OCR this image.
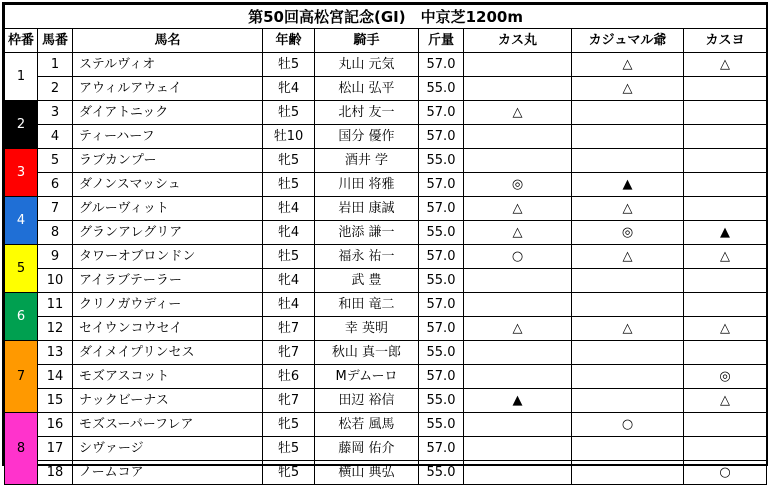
第50回高松宮記念(GI)　中京芝1200m								
枠番	馬番	馬名	年齢	騎手	斤量	カス丸	カジュマル爺	カスヨ
1	1	ステルヴィオ	牡5	丸山 元気	57.0		△	△
	2	アウィルアウェイ	牝4	松山 弘平	55.0		△	
2	3	ダイアトニック	牡5	北村 友一	57.0	△		
	4	ティーハーフ	牡10	国分 優作	57.0			
3	5	ラブカンプー	牝5	酒井 学	55.0			
	6	ダノンスマッシュ	牡5	川田 将雅	57.0	◎	▲	
4	7	グルーヴィット	牡4	岩田 康誠	57.0	△	△	
	8	グランアレグリア	牝4	池添 謙一	55.0	△	◎	▲
5	9	タワーオブロンドン	牡5	福永 祐一	57.0	○	△	△
	10	アイラブテーラー	牝4	武 豊	55.0			
6	11	クリノガウディー	牡4	和田 竜二	57.0			
	12	セイウンコウセイ	牡7	幸 英明	57.0	△	△	△
7	13	ダイメイプリンセス	牝7	秋山 真一郎	55.0			
	14	モズアスコット	牡6	Mデムーロ	57.0			◎
	15	ナックビーナス	牝7	田辺 裕信	55.0	▲		△
8	16	モズスーパーフレア	牝5	松若 風馬	55.0		○	
	17	シヴァージ	牡5	藤岡 佑介	57.0			
	18	ノームコア	牝5	横山 典弘	55.0			○
